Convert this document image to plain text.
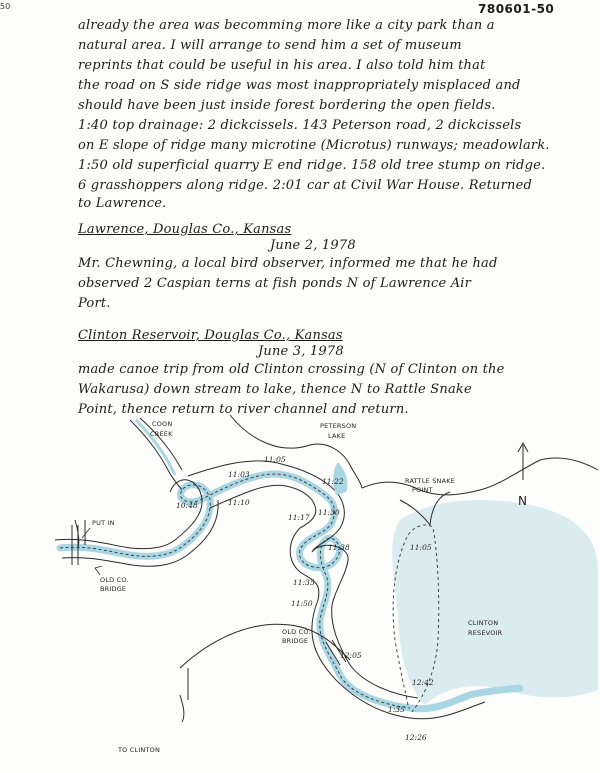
50	780601-50
already the area was becomming more like a city park than a
natural area. I will arrange to send him a set of museum
reprints that could be useful in his area. I also told him that
the road on S side ridge was most inappropriately misplaced and
should have been just inside forest bordering the open fields.
1:40 top drainage: 2 dickcissels. 143 Peterson road, 2 dickcissels
on E slope of ridge many microtine (Microtus) runways; meadowlark.
1:50 old superficial quarry E end ridge. 158 old tree stump on ridge.
6 grasshoppers along ridge. 2:01 car at Civil War House. Returned
to Lawrence.
Lawrence, Douglas Co., Kansas
June 2, 1978
Mr. Chewning, a local bird observer, informed me that he had
observed 2 Caspian terns at fish ponds N of Lawrence Air
Port.
Clinton Reservoir, Douglas Co., Kansas
June 3, 1978
made canoe trip from old Clinton crossing (N of Clinton on the
Wakarusa) down stream to lake, thence N to Rattle Snake
Point, thence return to river channel and return.
N
COON
CREEK
PETERSON
LAKE
RATTLE SNAKE
POINT
PUT IN
OLD CO.
BRIDGE
OLD CO.
BRIDGE
CLINTON
RESEVOIR
TO CLINTON
10:48
11:03
11:05
11:10
11:22
11:17
11:30
11:38	11:05
11:35
11:50
12:05
12:42
1:35
12:26
